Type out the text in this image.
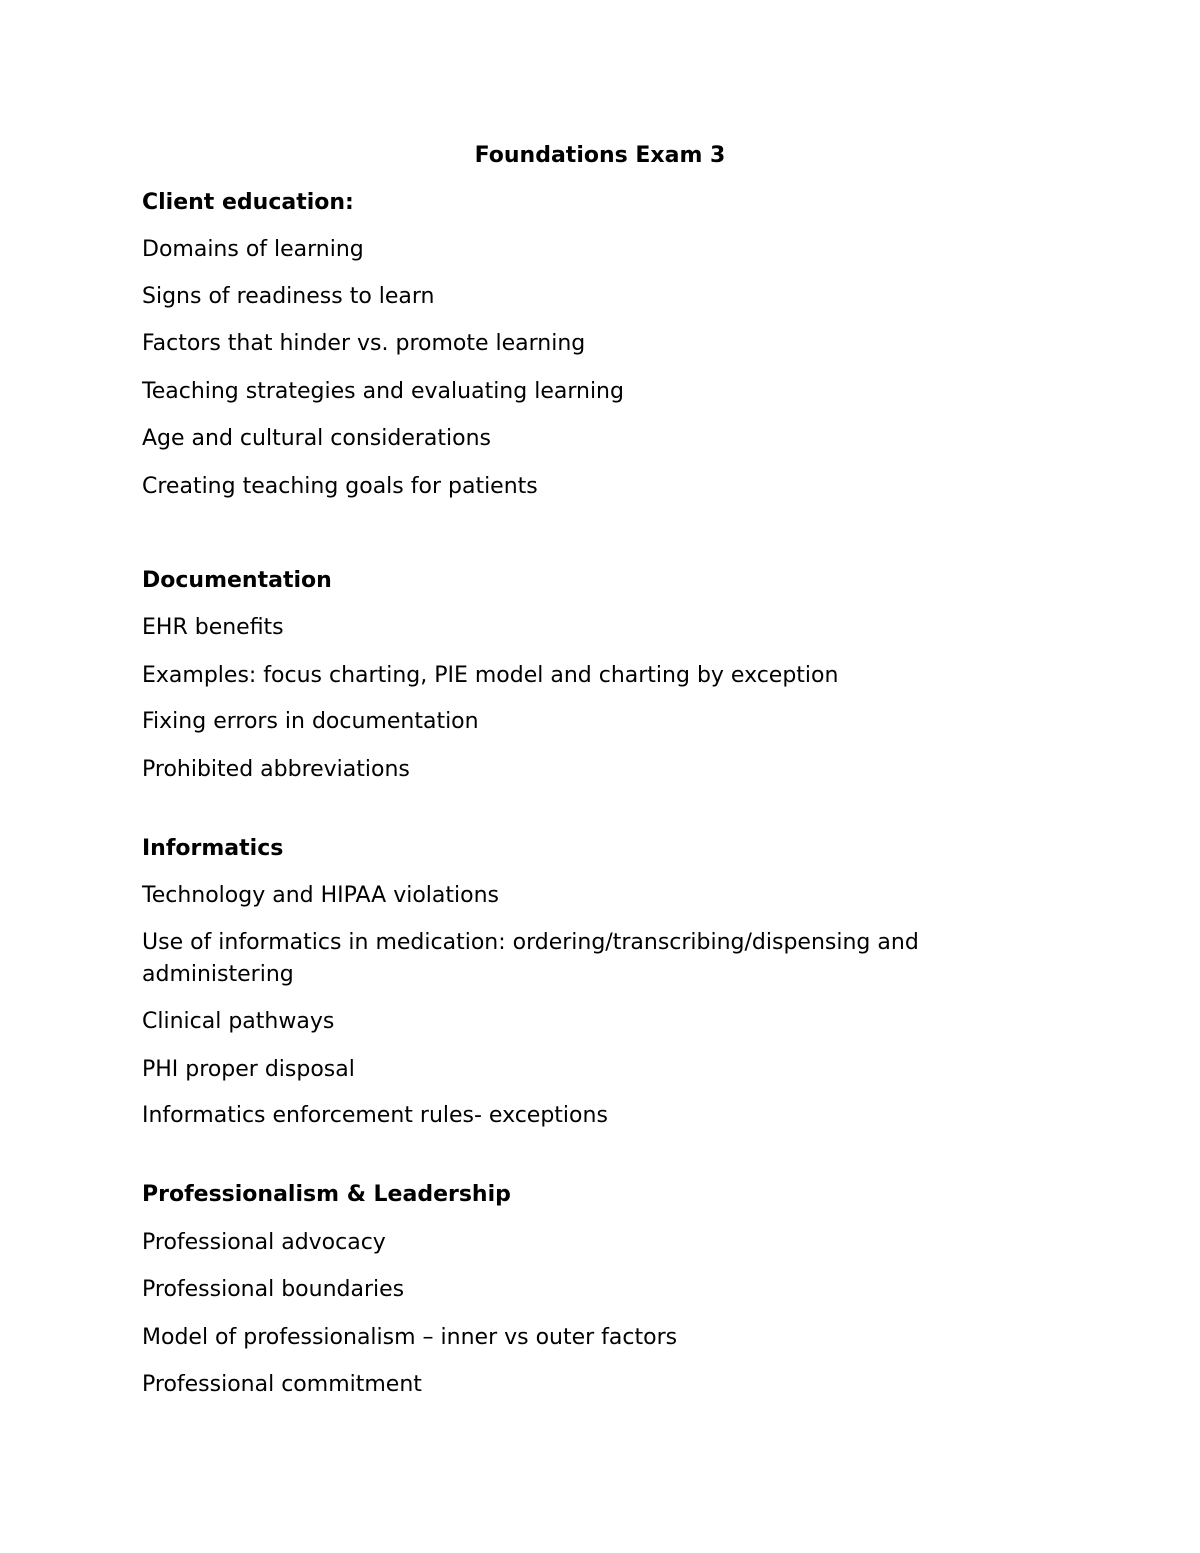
Foundations Exam 3

Client education:

Domains of learning

Signs of readiness to learn

Factors that hinder vs. promote learning

Teaching strategies and evaluating learning

Age and cultural considerations

Creating teaching goals for patients

Documentation

EHR benefits

Examples: focus charting, PIE model and charting by exception

Fixing errors in documentation

Prohibited abbreviations

Informatics

Technology and HIPAA violations

Use of informatics in medication: ordering/transcribing/dispensing and administering

Clinical pathways

PHI proper disposal

Informatics enforcement rules- exceptions

Professionalism & Leadership

Professional advocacy

Professional boundaries

Model of professionalism – inner vs outer factors

Professional commitment
